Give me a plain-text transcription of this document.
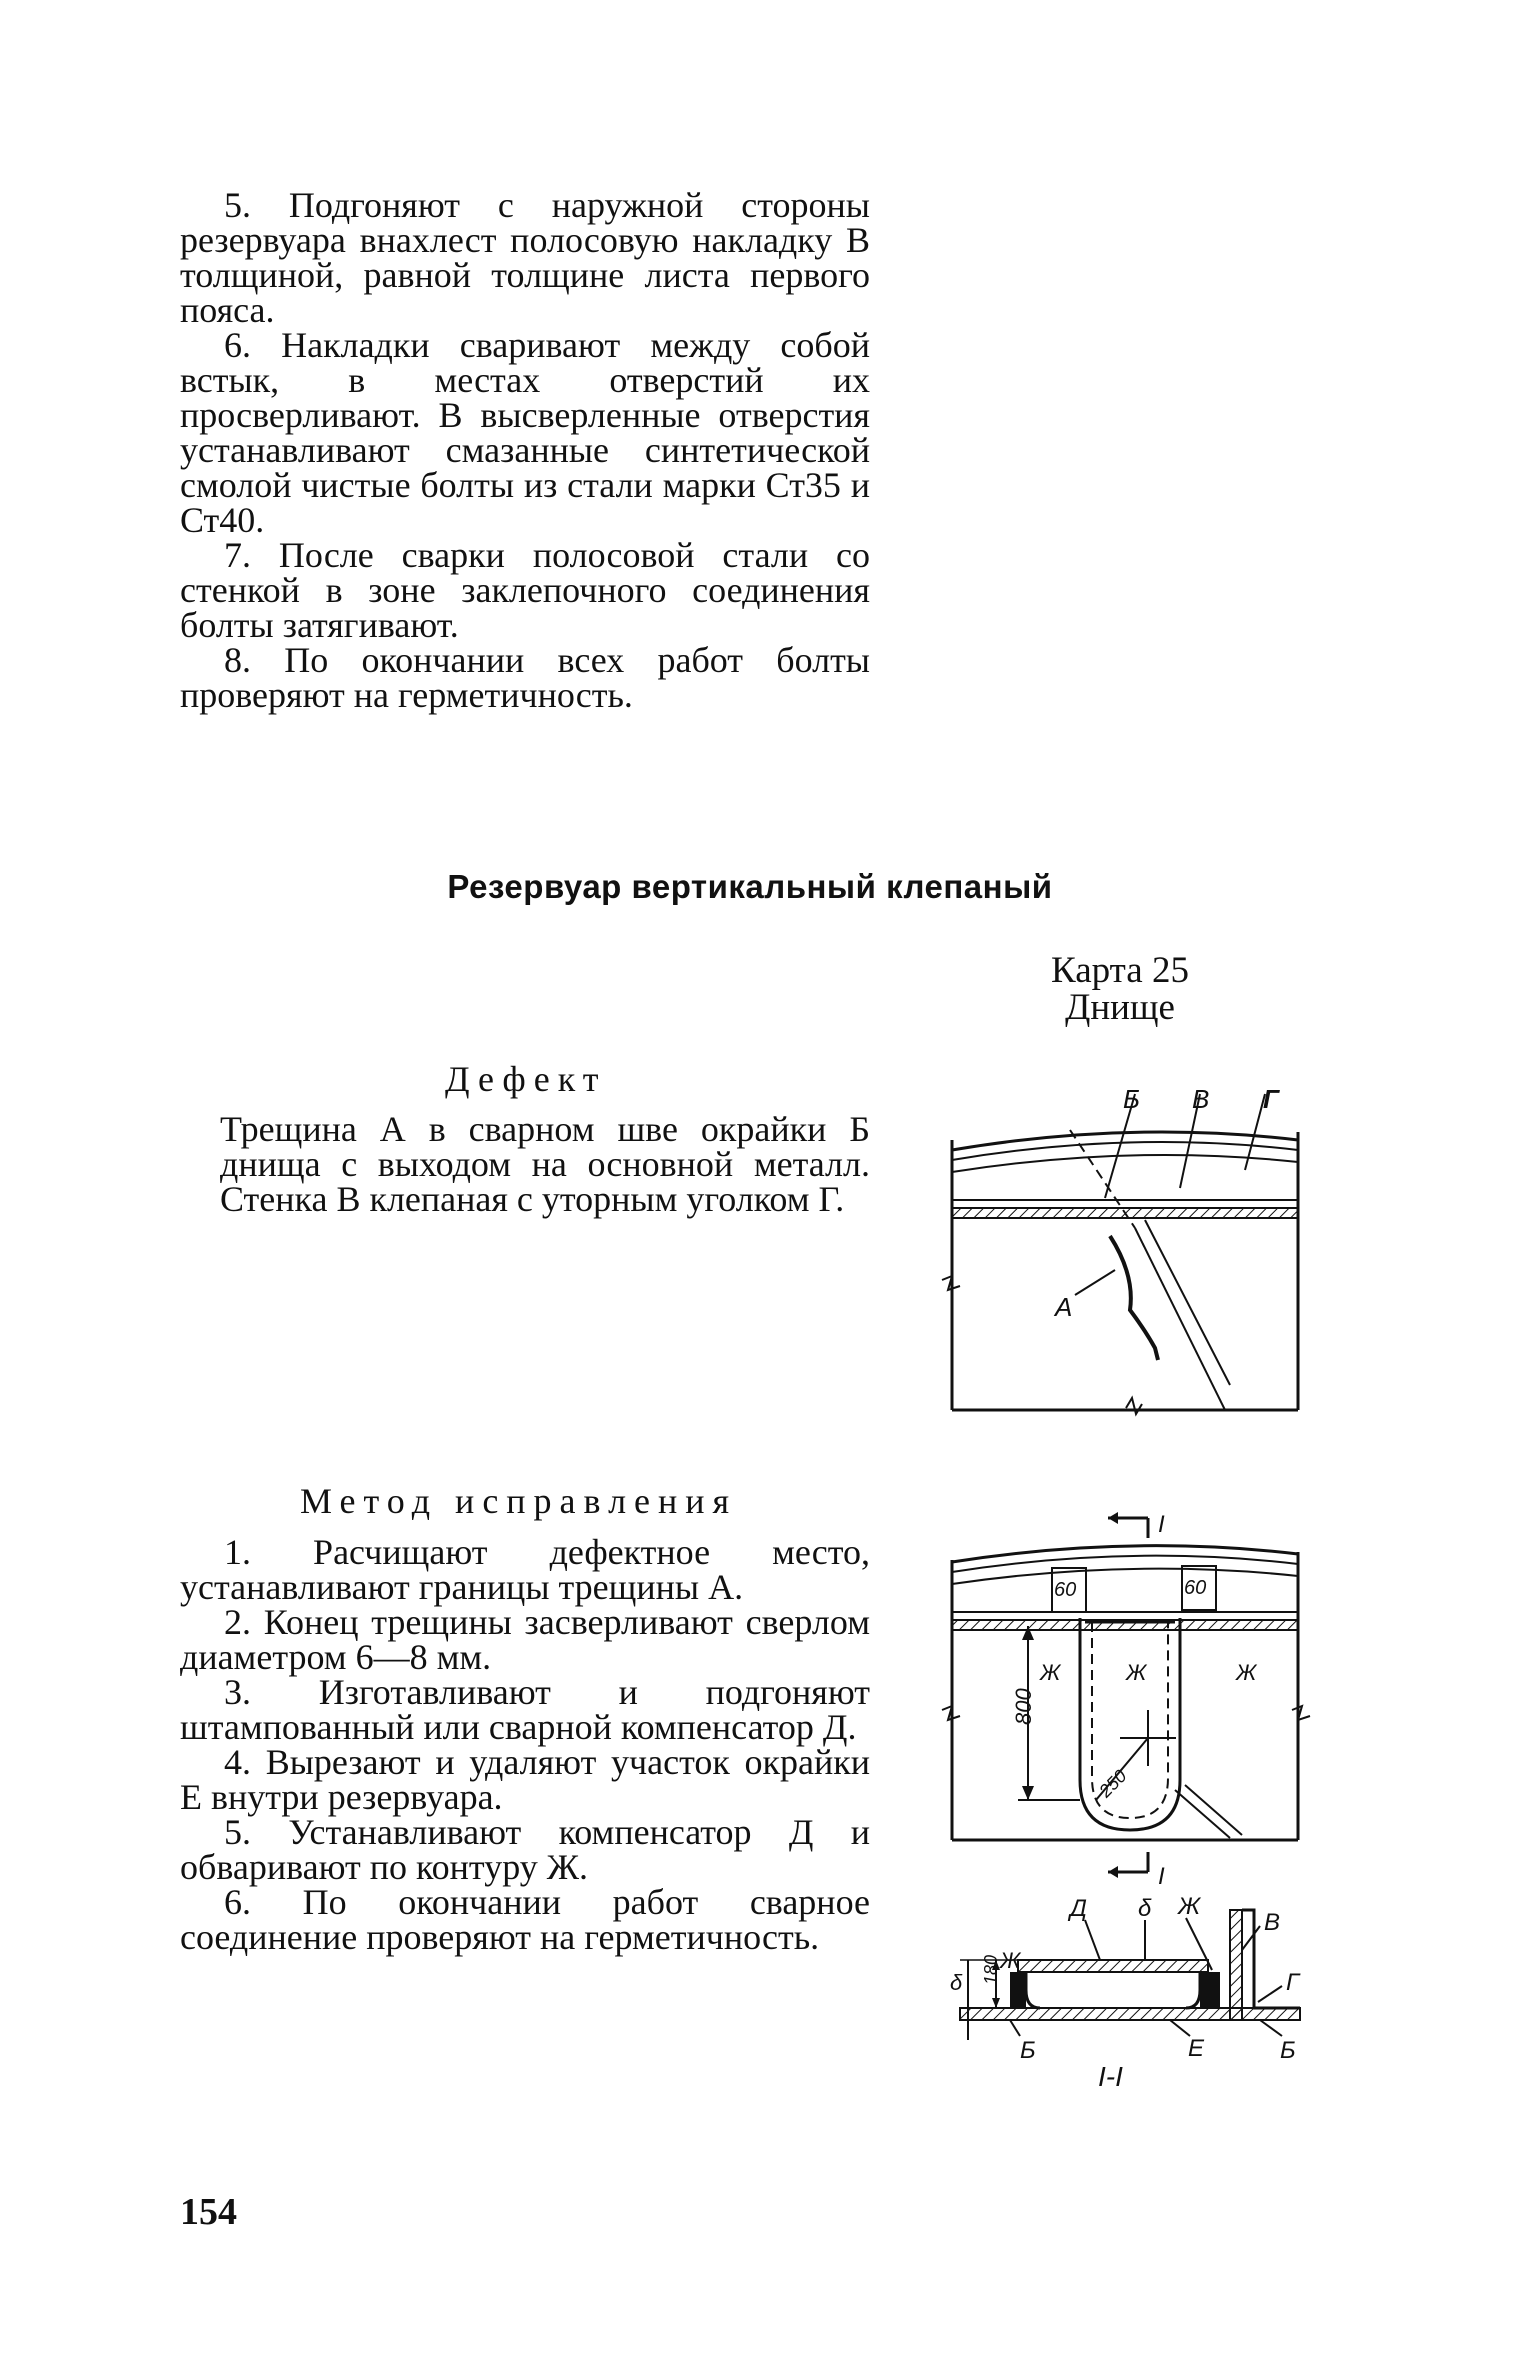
5. Подгоняют с наружной стороны резервуара внахлест полосовую накладку В толщиной, равной толщине листа первого пояса.

6. Накладки сваривают между собой встык, в местах отверстий их просверливают. В высверленные отверстия устанавливают смазанные синтетической смолой чистые болты из стали марки Ст35 и Ст40.

7. После сварки полосовой стали со стенкой в зоне заклепочного соединения болты затягивают.

8. По окончании всех работ болты проверяют на герметичность.

Резервуар вертикальный клепаный
Карта 25
Днище
Дефект

Трещина А в сварном шве окрайки Б днища с выходом на основной металл. Стенка В клепаная с уторным уголком Г.

Метод исправления

1. Расчищают дефектное место, устанавливают границы трещины А.

2. Конец трещины засверливают сверлом диаметром 6—8 мм.

3. Изготавливают и подгоняют штампованный или сварной компенсатор Д.

4. Вырезают и удаляют участок окрайки Е внутри резервуара.

5. Устанавливают компенсатор Д и обваривают по контуру Ж.

6. По окончании работ сварное соединение проверяют на герметичность.

Б В Г
А
I
60	60
250
800
Ж	Ж	Ж
I
180
δ
Д δ Ж
В
Г
Ж
Б	Е	Б
I-I
154
